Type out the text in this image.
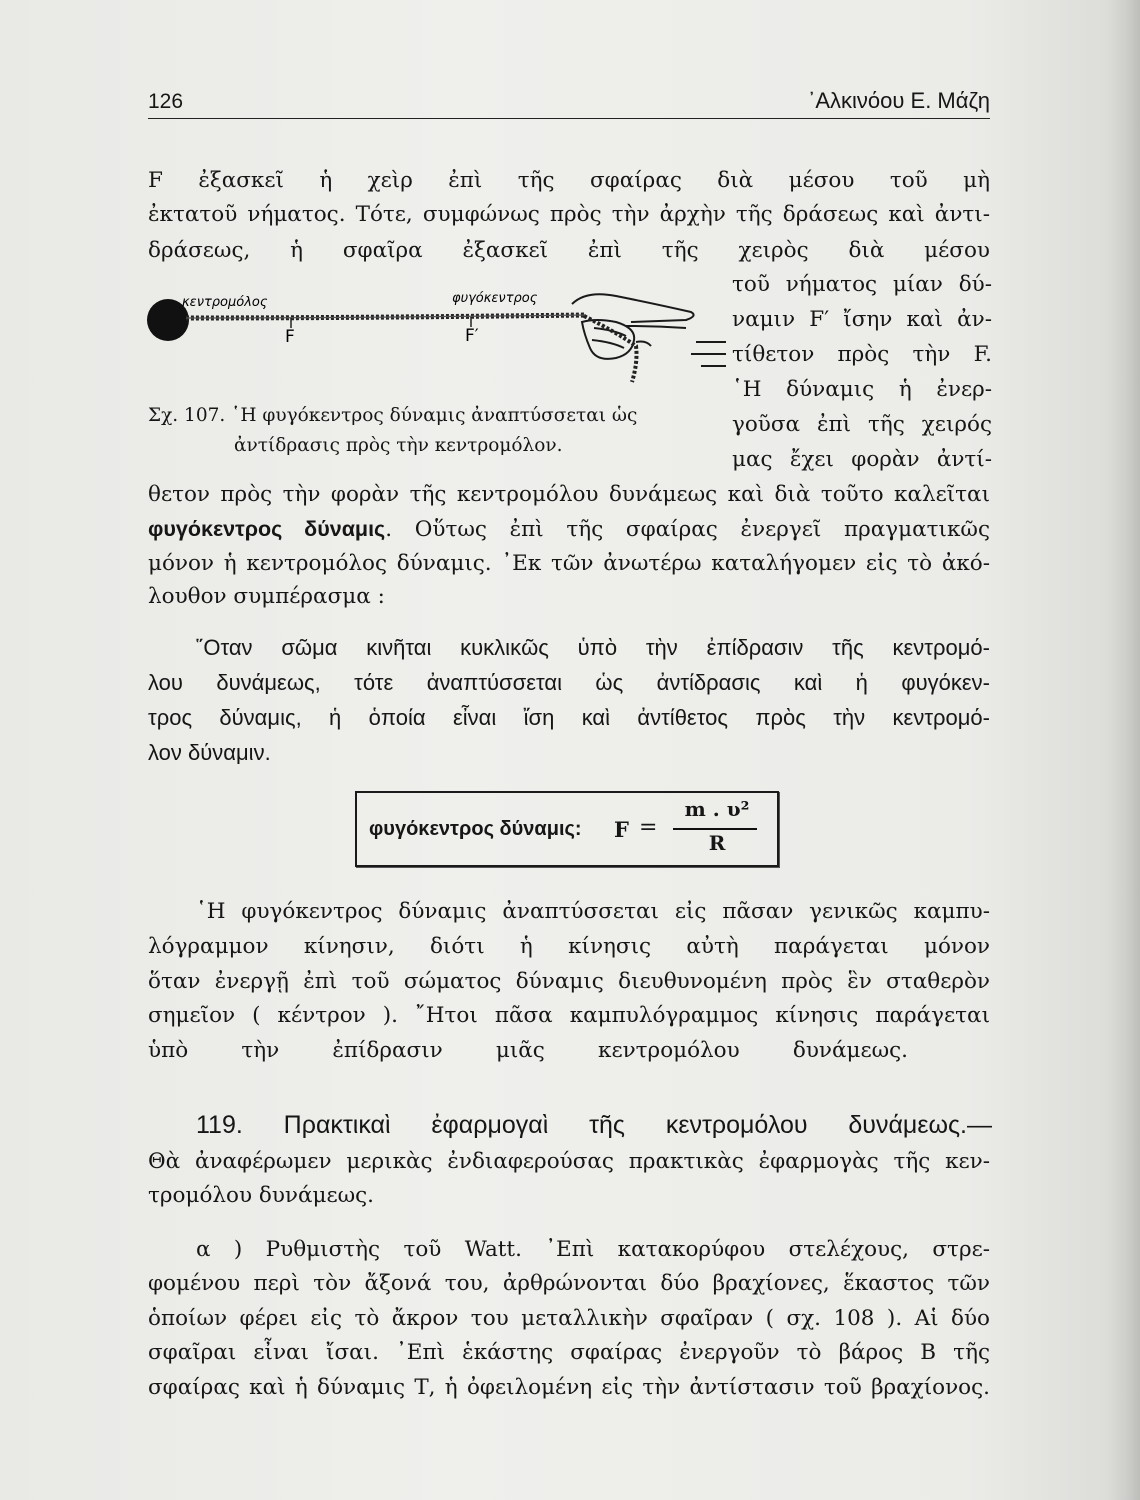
126	᾿Αλκινόου Ε. Μάζη
F ἐξασκεῖ ἡ χεὶρ ἐπὶ τῆς σφαίρας διὰ μέσου τοῦ μὴ
ἐκτατοῦ νήματος. Τότε, συμφώνως πρὸς τὴν ἀρχὴν τῆς δράσεως καὶ ἀντι-
δράσεως, ἡ σφαῖρα ἐξασκεῖ ἐπὶ τῆς χειρὸς διὰ μέσου
τοῦ νήματος μίαν δύ-
ναμιν F′ ἴσην καὶ ἀν-
τίθετον πρὸς τὴν F.
῾Η δύναμις ἡ ἐνερ-
γοῦσα ἐπὶ τῆς χειρός
μας ἔχει φορὰν ἀντί-
κεντρομόλος	φυγόκεντρος
F	F′
Σχ. 107. ῾Η φυγόκεντρος δύναμις ἀναπτύσσεται ὡς
ἀντίδρασις πρὸς τὴν κεντρομόλον.
θετον πρὸς τὴν φορὰν τῆς κεντρομόλου δυνάμεως καὶ διὰ τοῦτο καλεῖται
φυγόκεντρος δύναμις. Οὕτως ἐπὶ τῆς σφαίρας ἐνεργεῖ πραγματικῶς
μόνον ἡ κεντρομόλος δύναμις. ᾿Εκ τῶν ἀνωτέρω καταλήγομεν εἰς τὸ ἀκό-
λουθον συμπέρασμα :
῞Οταν σῶμα κινῆται κυκλικῶς ὑπὸ τὴν ἐπίδρασιν τῆς κεντρομό-
λου δυνάμεως, τότε ἀναπτύσσεται ὡς ἀντίδρασις καὶ ἡ φυγόκεν-
τρος δύναμις, ἡ ὁποία εἶναι ἴση καὶ ἀντίθετος πρὸς τὴν κεντρομό-
λον δύναμιν.
φυγόκεντρος δύναμις: F =
m . υ²
R
῾Η φυγόκεντρος δύναμις ἀναπτύσσεται εἰς πᾶσαν γενικῶς καμπυ-
λόγραμμον κίνησιν, διότι ἡ κίνησις αὐτὴ παράγεται μόνον
ὅταν ἐνεργῇ ἐπὶ τοῦ σώματος δύναμις διευθυνομένη πρὸς ἓν σταθερὸν
σημεῖον ( κέντρον ). ῎Ητοι πᾶσα καμπυλόγραμμος κίνησις παράγεται
ὑπὸ τὴν ἐπίδρασιν μιᾶς κεντρομόλου δυνάμεως.
119. Πρακτικαὶ ἐφαρμογαὶ τῆς κεντρομόλου δυνάμεως.—
Θὰ ἀναφέρωμεν μερικὰς ἐνδιαφερούσας πρακτικὰς ἐφαρμογὰς τῆς κεν-
τρομόλου δυνάμεως.
α ) Ρυθμιστὴς τοῦ Watt. ᾿Επὶ κατακορύφου στελέχους, στρε-
φομένου περὶ τὸν ἄξονά του, ἀρθρώνονται δύο βραχίονες, ἕκαστος τῶν
ὁποίων φέρει εἰς τὸ ἄκρον του μεταλλικὴν σφαῖραν ( σχ. 108 ). Αἱ δύο
σφαῖραι εἶναι ἴσαι. ᾿Επὶ ἑκάστης σφαίρας ἐνεργοῦν τὸ βάρος Β τῆς
σφαίρας καὶ ἡ δύναμις Τ, ἡ ὀφειλομένη εἰς τὴν ἀντίστασιν τοῦ βραχίονος.
